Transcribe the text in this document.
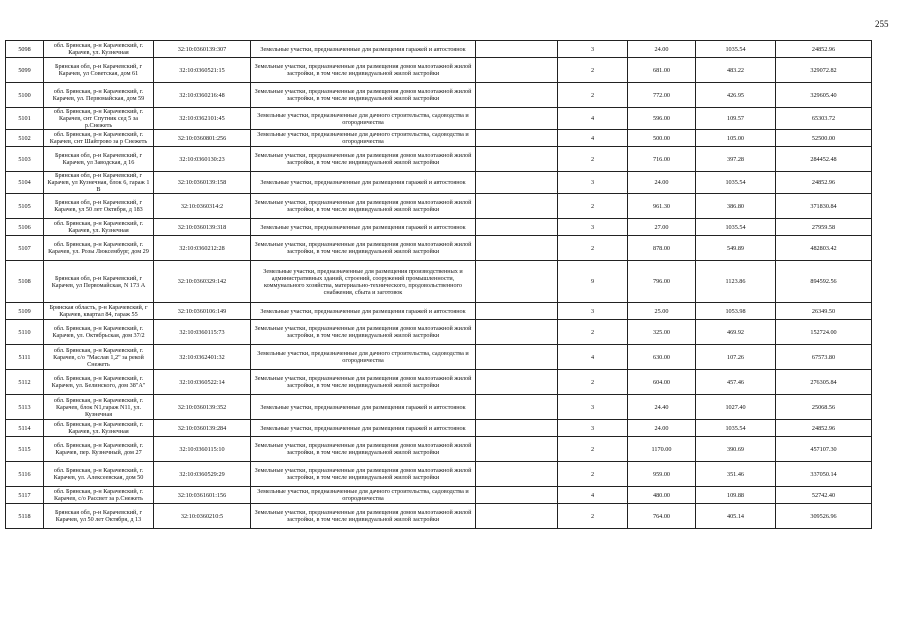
255
5098	обл. Брянская, р-н Карачевский, г. Карачев, ул. Кузнечная	32:10:0360139:307	Земельные участки, предназначенные для размещения гаражей и автостоянок		3	24.00	1035.54	24852.96
5099	Брянская обл, р-н Карачевский, г Карачев, ул Советская, дом 61	32:10:0360521:15	Земельные участки, предназначенные для размещения домов малоэтажной жилой застройки, в том числе индивидуальной жилой застройки		2	681.00	483.22	329072.82
5100	обл. Брянская, р-н Карачевский, г. Карачев, ул. Первомайская, дом 59	32:10:0360216:48	Земельные участки, предназначенные для размещения домов малоэтажной жилой застройки, в том числе индивидуальной жилой застройки		2	772.00	426.95	329605.40
5101	обл. Брянская, р-н Карачевский, г. Карачев, снт Спутник сед 5 за р.Снежеть	32:10:0362101:45	Земельные участки, предназначенные для дачного строительства, садоводства и огородничества		4	596.00	109.57	65303.72
5102	обл. Брянская, р-н Карачевский, г. Карачев, снт Шайтрово за р Снежеть	32:10:0360801:256	Земельные участки, предназначенные для дачного строительства, садоводства и огородничества		4	500.00	105.00	52500.00
5103	Брянская обл, р-н Карачевский, г Карачев, ул Заводская, д 16	32:10:0360130:23	Земельные участки, предназначенные для размещения домов малоэтажной жилой застройки, в том числе индивидуальной жилой застройки		2	716.00	397.28	284452.48
5104	Брянская обл, р-н Карачевский, г Карачев, ул Кузнечная, блок 6, гараж 1 В	32:10:0360139:158	Земельные участки, предназначенные для размещения гаражей и автостоянок		3	24.00	1035.54	24852.96
5105	Брянская обл, р-н Карачевский, г Карачев, ул 50 лет Октября, д 183	32:10:0360314:2	Земельные участки, предназначенные для размещения домов малоэтажной жилой застройки, в том числе индивидуальной жилой застройки		2	961.30	386.80	371830.84
5106	обл. Брянская, р-н Карачевский, г. Карачев, ул. Кузнечная	32:10:0360139:318	Земельные участки, предназначенные для размещения гаражей и автостоянок		3	27.00	1035.54	27959.58
5107	обл. Брянская, р-н Карачевский, г. Карачев, ул. Розы Люксембург, дом 29	32:10:0360212:28	Земельные участки, предназначенные для размещения домов малоэтажной жилой застройки, в том числе индивидуальной жилой застройки		2	878.00	549.89	482803.42
5108	Брянская обл, р-н Карачевский, г Карачев, ул Первомайская, N 173 А	32:10:0360329:142	Земельные участки, предназначенные для размещения производственных и административных зданий, строений, сооружений промышленности, коммунального хозяйства, материально-технического, продовольственного снабжения, сбыта и заготовок		9	796.00	1123.86	894592.56
5109	Брянская область, р-н Карачевский, г Карачев, квартал 84, гараж 55	32:10:0360106:149	Земельные участки, предназначенные для размещения гаражей и автостоянок		3	25.00	1053.98	26349.50
5110	обл. Брянская, р-н Карачевский, г. Карачев, ул. Октябрьская, дом 37/2	32:10:0360115:73	Земельные участки, предназначенные для размещения домов малоэтажной жилой застройки, в том числе индивидуальной жилой застройки		2	325.00	469.92	152724.00
5111	обл. Брянская, р-н Карачевский, г. Карачев, с/о "Маслав 1,2" за рекой Снежеть	32:10:0362401:32	Земельные участки, предназначенные для дачного строительства, садоводства и огородничества		4	630.00	107.26	67573.80
5112	обл. Брянская, р-н Карачевский, г. Карачев, ул. Белинского, дом 38"А"	32:10:0360522:14	Земельные участки, предназначенные для размещения домов малоэтажной жилой застройки, в том числе индивидуальной жилой застройки		2	604.00	457.46	276305.84
5113	обл. Брянская, р-н Карачевский, г. Карачев, блок N1,гараж N11, ул. Кузнечная	32:10:0360139:352	Земельные участки, предназначенные для размещения гаражей и автостоянок		3	24.40	1027.40	25068.56
5114	обл. Брянская, р-н Карачевский, г. Карачев, ул. Кузнечная	32:10:0360139:284	Земельные участки, предназначенные для размещения гаражей и автостоянок		3	24.00	1035.54	24852.96
5115	обл. Брянская, р-н Карачевский, г. Карачев, пер. Кузнечный, дом 27	32:10:0360115:10	Земельные участки, предназначенные для размещения домов малоэтажной жилой застройки, в том числе индивидуальной жилой застройки		2	1170.00	390.69	457107.30
5116	обл. Брянская, р-н Карачевский, г. Карачев, ул. Алексеевская, дом 50	32:10:0360529:29	Земельные участки, предназначенные для размещения домов малоэтажной жилой застройки, в том числе индивидуальной жилой застройки		2	959.00	351.46	337050.14
5117	обл. Брянская, р-н Карачевский, г. Карачев, с/о Рассвет за р.Снежеть	32:10:0361601:156	Земельные участки, предназначенные для дачного строительства, садоводства и огородничества		4	480.00	109.88	52742.40
5118	Брянская обл, р-н Карачевский, г Карачев, ул 50 лет Октября, д 13	32:10:0360210:5	Земельные участки, предназначенные для размещения домов малоэтажной жилой застройки, в том числе индивидуальной жилой застройки		2	764.00	405.14	309526.96
